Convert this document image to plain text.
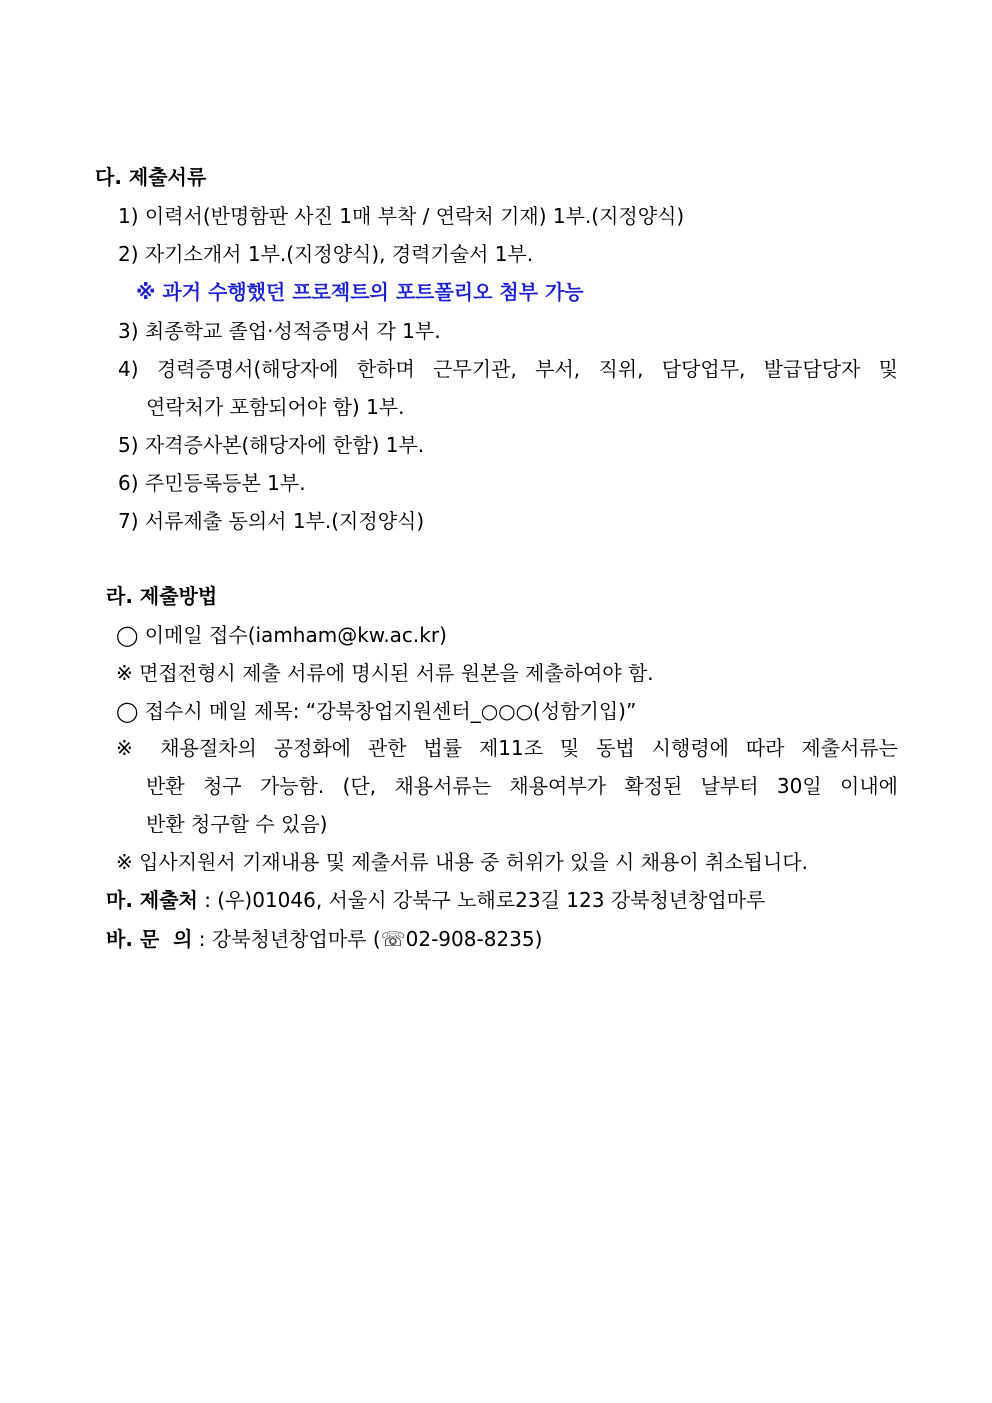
다. 제출서류
1) 이력서(반명함판 사진 1매 부착 / 연락처 기재) 1부.(지정양식)
2) 자기소개서 1부.(지정양식), 경력기술서 1부.
※ 과거 수행했던 프로젝트의 포트폴리오 첨부 가능
3) 최종학교 졸업·성적증명서 각 1부.
4) 경력증명서(해당자에 한하며 근무기관, 부서, 직위, 담당업무, 발급담당자 및
연락처가 포함되어야 함) 1부.
5) 자격증사본(해당자에 한함) 1부.
6) 주민등록등본 1부.
7) 서류제출 동의서 1부.(지정양식)
라. 제출방법
◯ 이메일 접수(iamham@kw.ac.kr)
※ 면접전형시 제출 서류에 명시된 서류 원본을 제출하여야 함.
◯ 접수시 메일 제목: “강북창업지원센터_○○○(성함기입)”
※ 채용절차의 공정화에 관한 법률 제11조 및 동법 시행령에 따라 제출서류는
반환 청구 가능함. (단, 채용서류는 채용여부가 확정된 날부터 30일 이내에
반환 청구할 수 있음)
※ 입사지원서 기재내용 및 제출서류 내용 중 허위가 있을 시 채용이 취소됩니다.
마. 제출처 : (우)01046, 서울시 강북구 노해로23길 123 강북청년창업마루
바. 문  의 : 강북청년창업마루 (☏02-908-8235)
